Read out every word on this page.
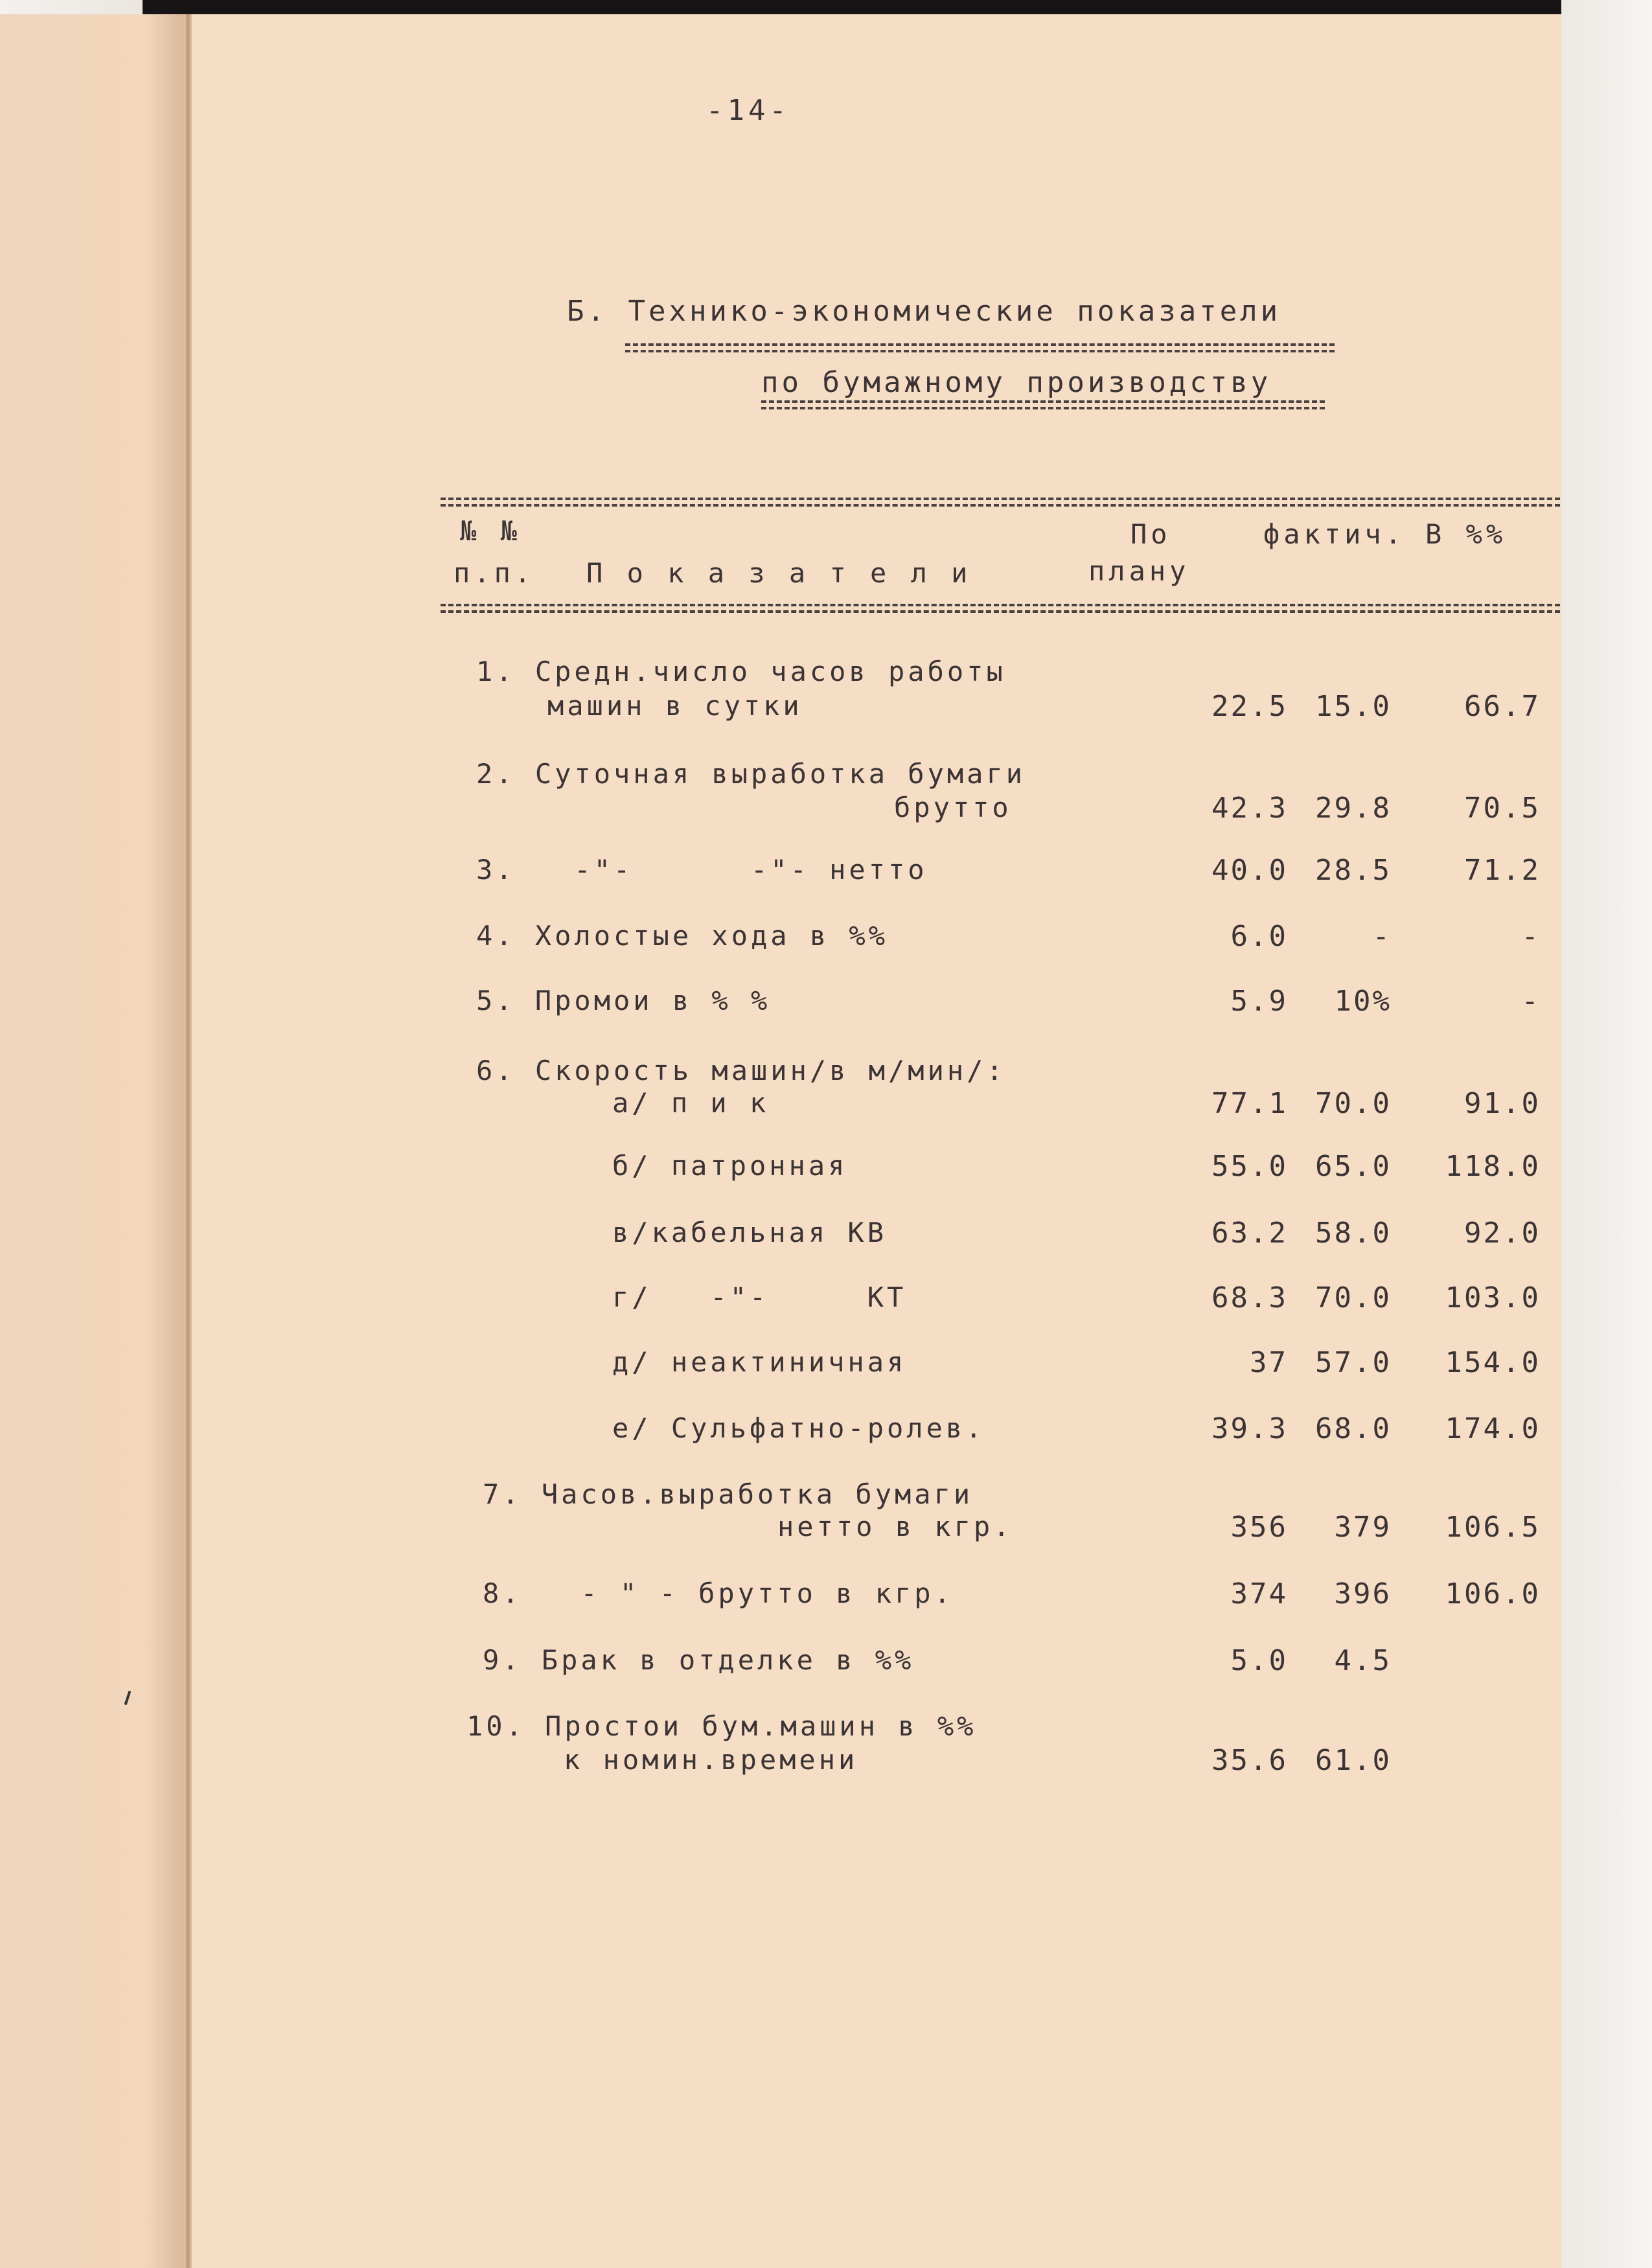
-14-
Б. Технико-экономические показатели
по бумажному производству
№ №
п.п. П о к а з а т е л и
По
плану
фактич. В %%
1. Средн.число часов работы
машин в сутки	22.5 15.0	66.7
2. Суточная выработка бумаги
брутто	42.3 29.8	70.5
3.   -"-      -"- нетто	40.0 28.5	71.2
4. Холостые хода в %%	6.0	-	-
5. Промои в % %	5.9 10%	-
6. Скорость машин/в м/мин/:
а/ п и к	77.1 70.0	91.0
б/ патронная	55.0 65.0 118.0
в/кабельная КВ	63.2 58.0	92.0
г/   -"-     КТ	68.3 70.0 103.0
д/ неактиничная	37 57.0 154.0
е/ Сульфатно-ролев.	39.3 68.0 174.0
7. Часов.выработка бумаги
нетто в кгр.	356 379 106.5
8.   - " - брутто в кгр.	374 396 106.0
9. Брак в отделке в %%	5.0 4.5
10. Простои бум.машин в %%
к номин.времени	35.6 61.0
